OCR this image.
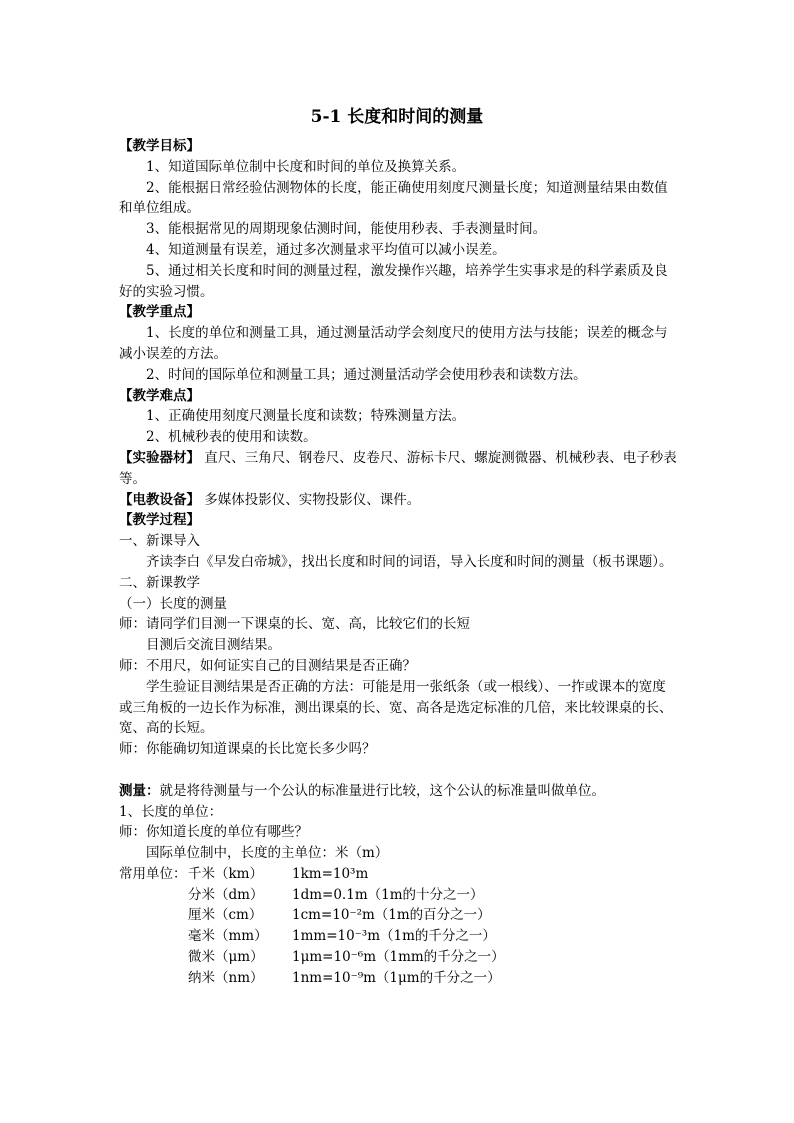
5-1 长度和时间的测量

【教学目标】

1、知道国际单位制中长度和时间的单位及换算关系。

2、能根据日常经验估测物体的长度，能正确使用刻度尺测量长度；知道测量结果由数值和单位组成。

3、能根据常见的周期现象估测时间，能使用秒表、手表测量时间。

4、知道测量有误差，通过多次测量求平均值可以减小误差。

5、通过相关长度和时间的测量过程，激发操作兴趣，培养学生实事求是的科学素质及良好的实验习惯。

【教学重点】

1、长度的单位和测量工具，通过测量活动学会刻度尺的使用方法与技能；误差的概念与减小误差的方法。

2、时间的国际单位和测量工具；通过测量活动学会使用秒表和读数方法。

【教学难点】

1、正确使用刻度尺测量长度和读数；特殊测量方法。

2、机械秒表的使用和读数。

【实验器材】 直尺、三角尺、钢卷尺、皮卷尺、游标卡尺、螺旋测微器、机械秒表、电子秒表等。

【电教设备】 多媒体投影仪、实物投影仪、课件。

【教学过程】

一、新课导入

齐读李白《早发白帝城》，找出长度和时间的词语，导入长度和时间的测量（板书课题）。

二、新课教学

（一）长度的测量

师：请同学们目测一下课桌的长、宽、高，比较它们的长短

目测后交流目测结果。

师：不用尺，如何证实自己的目测结果是否正确？

学生验证目测结果是否正确的方法：可能是用一张纸条（或一根线）、一拃或课本的宽度或三角板的一边长作为标准，测出课桌的长、宽、高各是选定标准的几倍，来比较课桌的长、宽、高的长短。

师：你能确切知道课桌的长比宽长多少吗？

测量：就是将待测量与一个公认的标准量进行比较，这个公认的标准量叫做单位。

1、长度的单位：

师：你知道长度的单位有哪些？

国际单位制中，长度的主单位：米（m）

常用单位： 千米（km） 1km=10³m

分米（dm） 1dm=0.1m（1m的十分之一）

厘米（cm） 1cm=10⁻²m（1m的百分之一）

毫米（mm） 1mm=10⁻³m（1m的千分之一）

微米（μm） 1μm=10⁻⁶m（1mm的千分之一）

纳米（nm） 1nm=10⁻⁹m（1μm的千分之一）
